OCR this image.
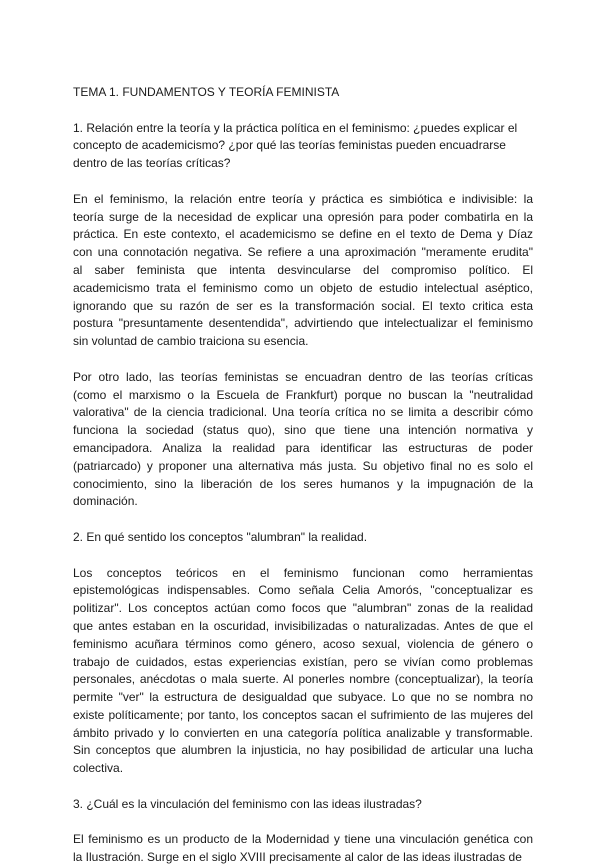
TEMA 1. FUNDAMENTOS Y TEORÍA FEMINISTA
1. Relación entre la teoría y la práctica política en el feminismo: ¿puedes explicar el
concepto de academicismo? ¿por qué las teorías feministas pueden encuadrarse
dentro de las teorías críticas?
En el feminismo, la relación entre teoría y práctica es simbiótica e indivisible: la
teoría surge de la necesidad de explicar una opresión para poder combatirla en la
práctica. En este contexto, el academicismo se define en el texto de Dema y Díaz
con una connotación negativa. Se refiere a una aproximación "meramente erudita"
al saber feminista que intenta desvincularse del compromiso político. El
academicismo trata el feminismo como un objeto de estudio intelectual aséptico,
ignorando que su razón de ser es la transformación social. El texto critica esta
postura "presuntamente desentendida", advirtiendo que intelectualizar el feminismo
sin voluntad de cambio traiciona su esencia.
Por otro lado, las teorías feministas se encuadran dentro de las teorías críticas
(como el marxismo o la Escuela de Frankfurt) porque no buscan la "neutralidad
valorativa" de la ciencia tradicional. Una teoría crítica no se limita a describir cómo
funciona la sociedad (status quo), sino que tiene una intención normativa y
emancipadora. Analiza la realidad para identificar las estructuras de poder
(patriarcado) y proponer una alternativa más justa. Su objetivo final no es solo el
conocimiento, sino la liberación de los seres humanos y la impugnación de la
dominación.
2. En qué sentido los conceptos "alumbran" la realidad.
Los conceptos teóricos en el feminismo funcionan como herramientas
epistemológicas indispensables. Como señala Celia Amorós, "conceptualizar es
politizar". Los conceptos actúan como focos que "alumbran" zonas de la realidad
que antes estaban en la oscuridad, invisibilizadas o naturalizadas. Antes de que el
feminismo acuñara términos como género, acoso sexual, violencia de género o
trabajo de cuidados, estas experiencias existían, pero se vivían como problemas
personales, anécdotas o mala suerte. Al ponerles nombre (conceptualizar), la teoría
permite "ver" la estructura de desigualdad que subyace. Lo que no se nombra no
existe políticamente; por tanto, los conceptos sacan el sufrimiento de las mujeres del
ámbito privado y lo convierten en una categoría política analizable y transformable.
Sin conceptos que alumbren la injusticia, no hay posibilidad de articular una lucha
colectiva.
3. ¿Cuál es la vinculación del feminismo con las ideas ilustradas?
El feminismo es un producto de la Modernidad y tiene una vinculación genética con
la Ilustración. Surge en el siglo XVIII precisamente al calor de las ideas ilustradas de
